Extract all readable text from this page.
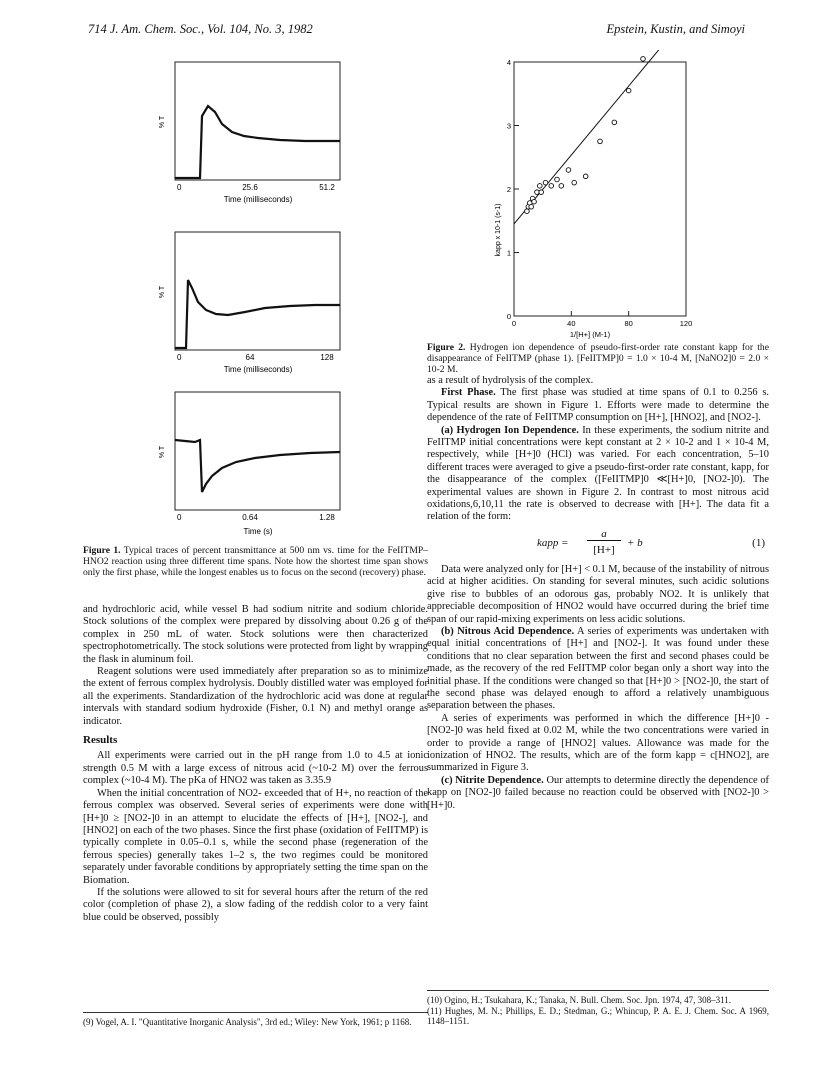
714 J. Am. Chem. Soc., Vol. 104, No. 3, 1982	Epstein, Kustin, and Simoyi
% T
0	25.6	51.2
Time (milliseconds)
% T
0	64	128
Time (milliseconds)
% T
0	0.64	1.28
Time (s)
Figure 1. Typical traces of percent transmittance at 500 nm vs. time for the FeIITMP–HNO2 reaction using three different time spans. Note how the shortest time span shows only the first phase, while the longest enables us to focus on the second (recovery) phase.
0
1
2
3
4
0	40	80	120
kapp x 10-1 (s-1)
1/[H+] (M-1)
Figure 2. Hydrogen ion dependence of pseudo-first-order rate constant kapp for the disappearance of FeIITMP (phase 1). [FeIITMP]0 = 1.0 × 10-4 M, [NaNO2]0 = 2.0 × 10-2 M.

and hydrochloric acid, while vessel B had sodium nitrite and sodium chloride. Stock solutions of the complex were prepared by dissolving about 0.26 g of the complex in 250 mL of water. Stock solutions were then characterized spectrophotometrically. The stock solutions were protected from light by wrapping the flask in aluminum foil.

Reagent solutions were used immediately after preparation so as to minimize the extent of ferrous complex hydrolysis. Doubly distilled water was employed for all the experiments. Standardization of the hydrochloric acid was done at regular intervals with standard sodium hydroxide (Fisher, 0.1 N) and methyl orange as indicator.

Results

All experiments were carried out in the pH range from 1.0 to 4.5 at ionic strength 0.5 M with a large excess of nitrous acid (~10-2 M) over the ferrous complex (~10-4 M). The pKa of HNO2 was taken as 3.35.9

When the initial concentration of NO2- exceeded that of H+, no reaction of the ferrous complex was observed. Several series of experiments were done with [H+]0 ≥ [NO2-]0 in an attempt to elucidate the effects of [H+], [NO2-], and [HNO2] on each of the two phases. Since the first phase (oxidation of FeIITMP) is typically complete in 0.05–0.1 s, while the second phase (regeneration of the ferrous species) generally takes 1–2 s, the two regimes could be monitored separately under favorable conditions by appropriately setting the time span on the Biomation.

If the solutions were allowed to sit for several hours after the return of the red color (completion of phase 2), a slow fading of the reddish color to a very faint blue could be observed, possibly

(9) Vogel, A. I. "Quantitative Inorganic Analysis", 3rd ed.; Wiley: New York, 1961; p 1168.

as a result of hydrolysis of the complex.

First Phase. The first phase was studied at time spans of 0.1 to 0.256 s. Typical results are shown in Figure 1. Efforts were made to determine the dependence of the rate of FeIITMP consumption on [H+], [HNO2], and [NO2-].

(a) Hydrogen Ion Dependence. In these experiments, the sodium nitrite and FeIITMP initial concentrations were kept constant at 2 × 10-2 and 1 × 10-4 M, respectively, while [H+]0 (HCl) was varied. For each concentration, 5–10 different traces were averaged to give a pseudo-first-order rate constant, kapp, for the disappearance of the complex ([FeIITMP]0 ≪[H+]0, [NO2-]0). The experimental values are shown in Figure 2. In contrast to most nitrous acid oxidations,6,10,11 the rate is observed to decrease with [H+]. The data fit a relation of the form:

kapp =
a
[H+]
+ b	(1)

Data were analyzed only for [H+] < 0.1 M, because of the instability of nitrous acid at higher acidities. On standing for several minutes, such acidic solutions give rise to bubbles of an odorous gas, probably NO2. It is unlikely that appreciable decomposition of HNO2 would have occurred during the brief time span of our rapid-mixing experiments on less acidic solutions.

(b) Nitrous Acid Dependence. A series of experiments was undertaken with equal initial concentrations of [H+] and [NO2-]. It was found under these conditions that no clear separation between the first and second phases could be made, as the recovery of the red FeIITMP color began only a short way into the initial phase. If the conditions were changed so that [H+]0 > [NO2-]0, the start of the second phase was delayed enough to afford a relatively unambiguous separation between the phases.

A series of experiments was performed in which the difference [H+]0 - [NO2-]0 was held fixed at 0.02 M, while the two concentrations were varied in order to provide a range of [HNO2] values. Allowance was made for the ionization of HNO2. The results, which are of the form kapp = c[HNO2], are summarized in Figure 3.

(c) Nitrite Dependence. Our attempts to determine directly the dependence of kapp on [NO2-]0 failed because no reaction could be observed with [NO2-]0 > [H+]0.

(10) Ogino, H.; Tsukahara, K.; Tanaka, N. Bull. Chem. Soc. Jpn. 1974, 47, 308–311.

(11) Hughes, M. N.; Phillips, E. D.; Stedman, G.; Whincup, P. A. E. J. Chem. Soc. A 1969, 1148–1151.
